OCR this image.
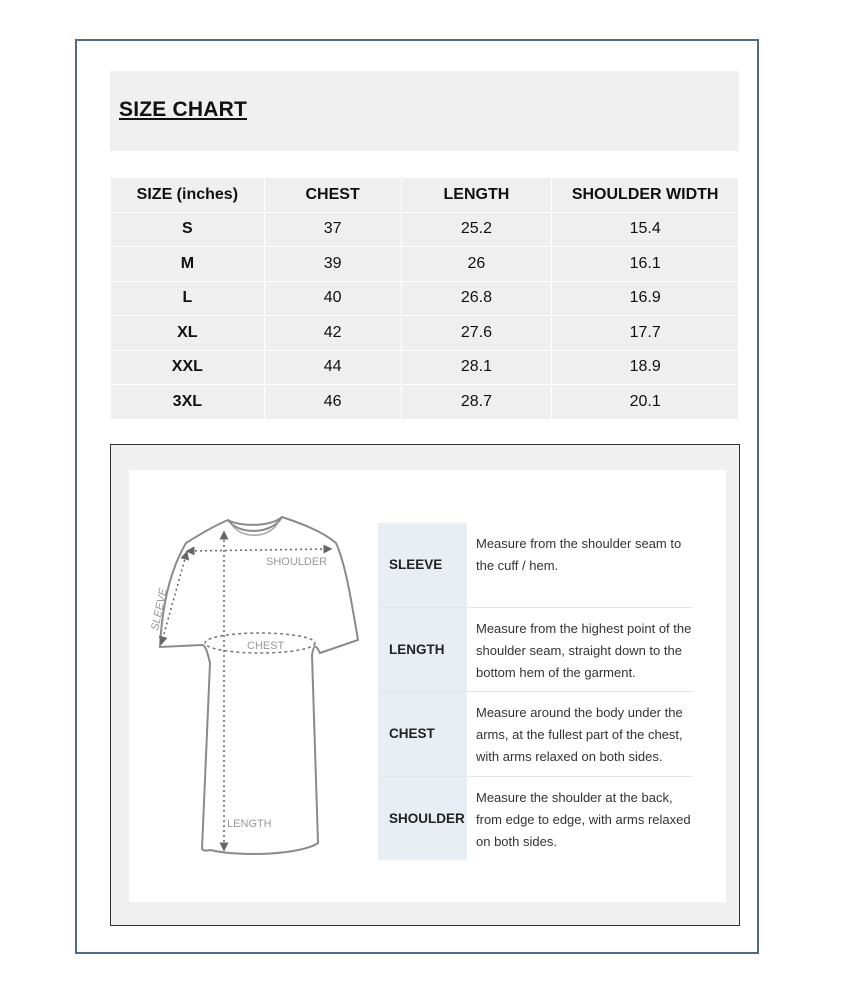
SIZE CHART
SIZE (inches)	CHEST	LENGTH	SHOULDER WIDTH
S	37	25.2	15.4
M	39	26	16.1
L	40	26.8	16.9
XL	42	27.6	17.7
XXL	44	28.1	18.9
3XL	46	28.7	20.1
SHOULDER
CHEST
LENGTH
SLEEVE
SLEEVE
Measure from the shoulder seam to the cuff / hem.
LENGTH
Measure from the highest point of the shoulder seam, straight down to the bottom hem of the garment.
CHEST
Measure around the body under the arms, at the fullest part of the chest, with arms relaxed on both sides.
SHOULDER
Measure the shoulder at the back, from edge to edge, with arms relaxed on both sides.
